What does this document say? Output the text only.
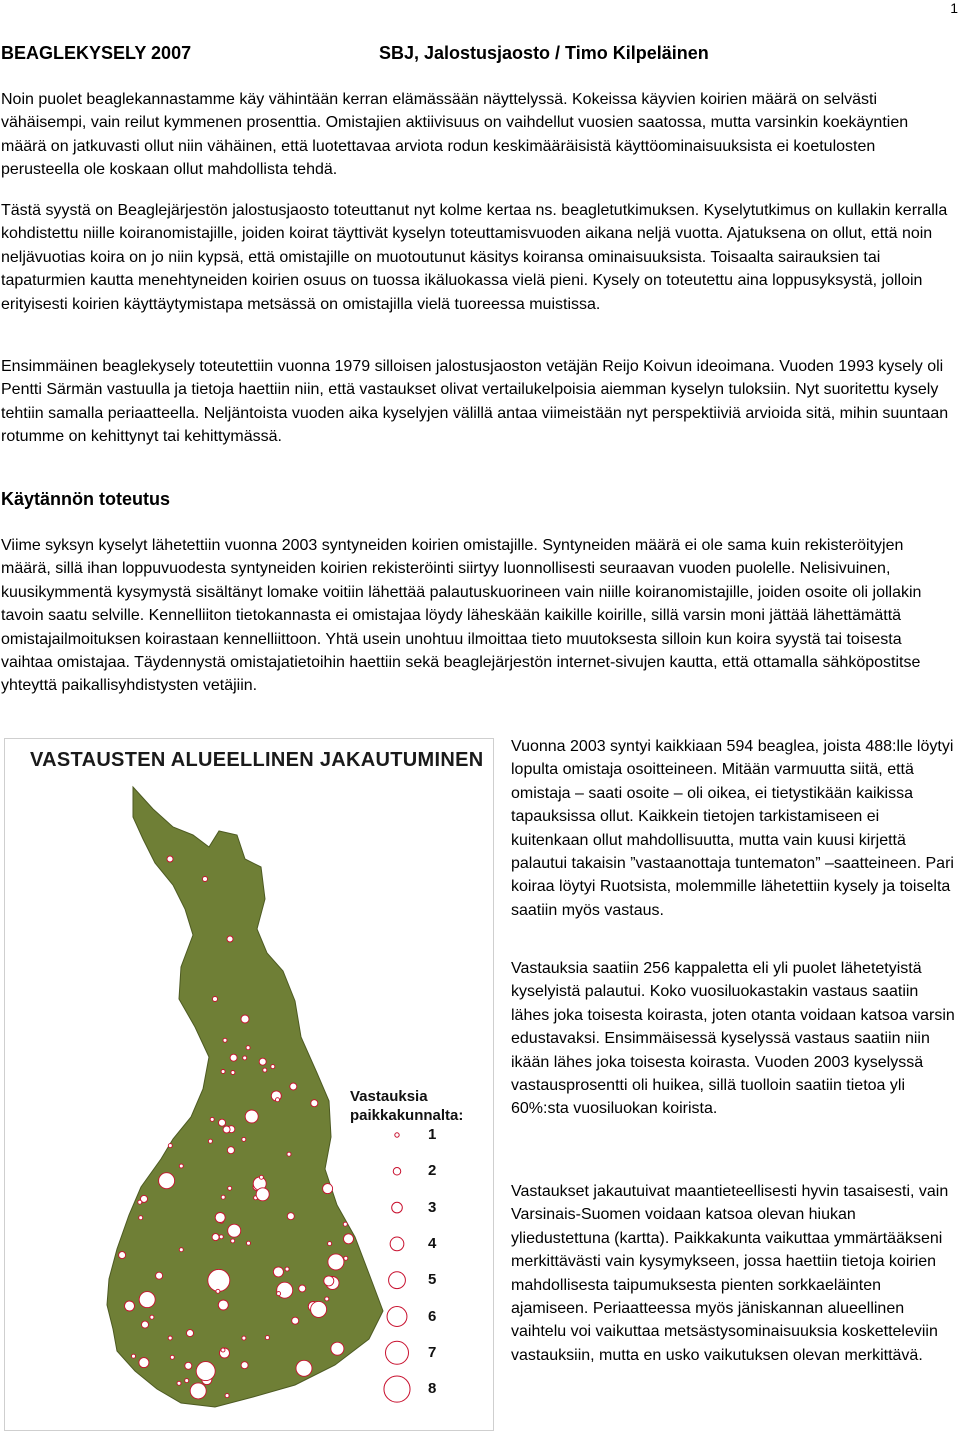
1
BEAGLEKYSELY 2007	SBJ, Jalostusjaosto / Timo Kilpeläinen

Noin puolet beaglekannastamme käy vähintään kerran elämässään näyttelyssä. Kokeissa käyvien koirien määrä on selvästi vähäisempi, vain reilut kymmenen prosenttia. Omistajien aktiivisuus on vaihdellut vuosien saatossa, mutta varsinkin koekäyntien määrä on jatkuvasti ollut niin vähäinen, että luotettavaa arviota rodun keskimääräisistä käyttöominaisuuksista ei koetulosten perusteella ole koskaan ollut mahdollista tehdä.

Tästä syystä on Beaglejärjestön jalostusjaosto toteuttanut nyt kolme kertaa ns. beagletutkimuksen. Kyselytutkimus on kullakin kerralla kohdistettu niille koiranomistajille, joiden koirat täyttivät kyselyn toteuttamisvuoden aikana neljä vuotta. Ajatuksena on ollut, että noin neljävuotias koira on jo niin kypsä, että omistajille on muotoutunut käsitys koiransa ominaisuuksista. Toisaalta sairauksien tai tapaturmien kautta menehtyneiden koirien osuus on tuossa ikäluokassa vielä pieni. Kysely on toteutettu aina loppusyksystä, jolloin erityisesti koirien käyttäytymistapa metsässä on omistajilla vielä tuoreessa muistissa.

Ensimmäinen beaglekysely toteutettiin vuonna 1979 silloisen jalostusjaoston vetäjän Reijo Koivun ideoimana. Vuoden 1993 kysely oli Pentti Särmän vastuulla ja tietoja haettiin niin, että vastaukset olivat vertailukelpoisia aiemman kyselyn tuloksiin. Nyt suoritettu kysely tehtiin samalla periaatteella. Neljäntoista vuoden aika kyselyjen välillä antaa viimeistään nyt perspektiiviä arvioida sitä, mihin suuntaan rotumme on kehittynyt tai kehittymässä.

Käytännön toteutus

Viime syksyn kyselyt lähetettiin vuonna 2003 syntyneiden koirien omistajille. Syntyneiden määrä ei ole sama kuin rekisteröityjen määrä, sillä ihan loppuvuodesta syntyneiden koirien rekisteröinti siirtyy luonnollisesti seuraavan vuoden puolelle. Nelisivuinen, kuusikymmentä kysymystä sisältänyt lomake voitiin lähettää palautuskuorineen vain niille koiranomistajille, joiden osoite oli jollakin tavoin saatu selville. Kennelliiton tietokannasta ei omistajaa löydy läheskään kaikille koirille, sillä varsin moni jättää lähettämättä omistajailmoituksen koirastaan kennelliittoon. Yhtä usein unohtuu ilmoittaa tieto muutoksesta silloin kun koira syystä tai toisesta vaihtaa omistajaa. Täydennystä omistajatietoihin haettiin sekä beaglejärjestön internet-sivujen kautta, että ottamalla sähköpostitse yhteyttä paikallisyhdistysten vetäjiin.

VASTAUSTEN ALUEELLINEN JAKAUTUMINEN
Vastauksia paikkakunnalta:
1
2
3
4
5
6
7
8

Vuonna 2003 syntyi kaikkiaan 594 beaglea, joista 488:lle löytyi lopulta omistaja osoitteineen. Mitään varmuutta siitä, että omistaja – saati osoite – oli oikea, ei tietystikään kaikissa tapauksissa ollut. Kaikkein tietojen tarkistamiseen ei kuitenkaan ollut mahdollisuutta, mutta vain kuusi kirjettä palautui takaisin ”vastaanottaja tuntematon” –saatteineen. Pari koiraa löytyi Ruotsista, molemmille lähetettiin kysely ja toiselta saatiin myös vastaus.

Vastauksia saatiin 256 kappaletta eli yli puolet lähetetyistä kyselyistä palautui. Koko vuosiluokastakin vastaus saatiin lähes joka toisesta koirasta, joten otanta voidaan katsoa varsin edustavaksi. Ensimmäisessä kyselyssä vastaus saatiin niin ikään lähes joka toisesta koirasta. Vuoden 2003 kyselyssä vastausprosentti oli huikea, sillä tuolloin saatiin tietoa yli 60%:sta vuosiluokan koirista.

Vastaukset jakautuivat maantieteellisesti hyvin tasaisesti, vain Varsinais-Suomen voidaan katsoa olevan hiukan yliedustettuna (kartta). Paikkakunta vaikuttaa ymmärtääkseni merkittävästi vain kysymykseen, jossa haettiin tietoja koirien mahdollisesta taipumuksesta pienten sorkkaeläinten ajamiseen. Periaatteessa myös jäniskannan alueellinen vaihtelu voi vaikuttaa metsästysominaisuuksia kosketteleviin vastauksiin, mutta en usko vaikutuksen olevan merkittävä.
